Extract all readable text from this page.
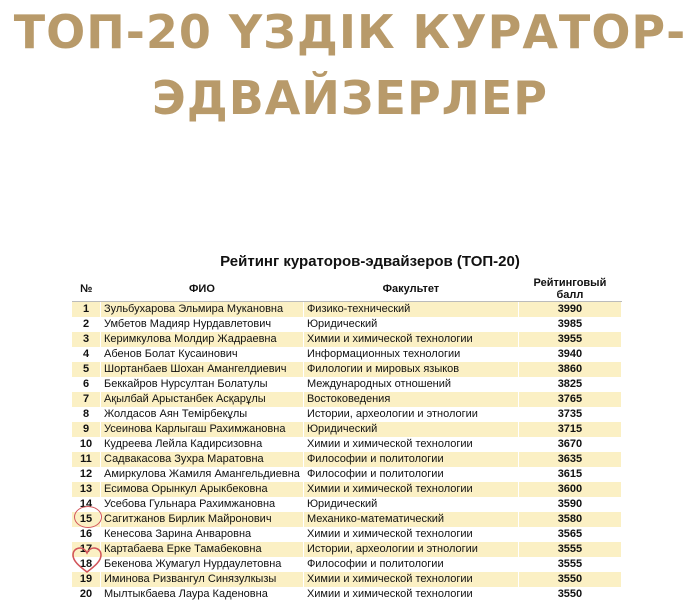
ТОП-20 ҮЗДІК КУРАТОР-
ЭДВАЙЗЕРЛЕР
Рейтинг кураторов-эдвайзеров (ТОП-20)
№	ФИО	Факультет	Рейтинговый балл
1	Зульбухарова Эльмира Мукановна	Физико-технический	3990
2	Умбетов Мадияр Нурдавлетович	Юридический	3985
3	Керимкулова Молдир Жадраевна	Химии и химической технологии	3955
4	Абенов Болат Кусаинович	Информационных технологии	3940
5	Шортанбаев Шохан Амангелдиевич	Филологии и мировых языков	3860
6	Беккайров Нурсултан Болатулы	Международных отношений	3825
7	Ақылбай Арыстанбек Асқарұлы	Востоковедения	3765
8	Жолдасов Аян Темірбекұлы	Истории, археологии и этнологии	3735
9	Усеинова Карлыгаш Рахимжановна	Юридический	3715
10	Кудреева Лейла Кадирсизовна	Химии и химической технологии	3670
11	Садвакасова Зухра Маратовна	Философии и политологии	3635
12	Амиркулова Жамиля Амангельдиевна	Философии и политологии	3615
13	Есимова Орынкул Арыкбековна	Химии и химической технологии	3600
14	Усебова Гульнара Рахимжановна	Юридический	3590
15	Сагитжанов Бирлик Майронович	Механико-математический	3580
16	Кенесова Зарина Анваровна	Химии и химической технологии	3565
17	Картабаева Ерке Тамабековна	Истории, археологии и этнологии	3555
18	Бекенова Жумагул Нурдаулетовна	Философии и политологии	3555
19	Иминова Ризвангул Синязулкызы	Химии и химической технологии	3550
20	Мылтыкбаева Лаура Каденовна	Химии и химической технологии	3550
